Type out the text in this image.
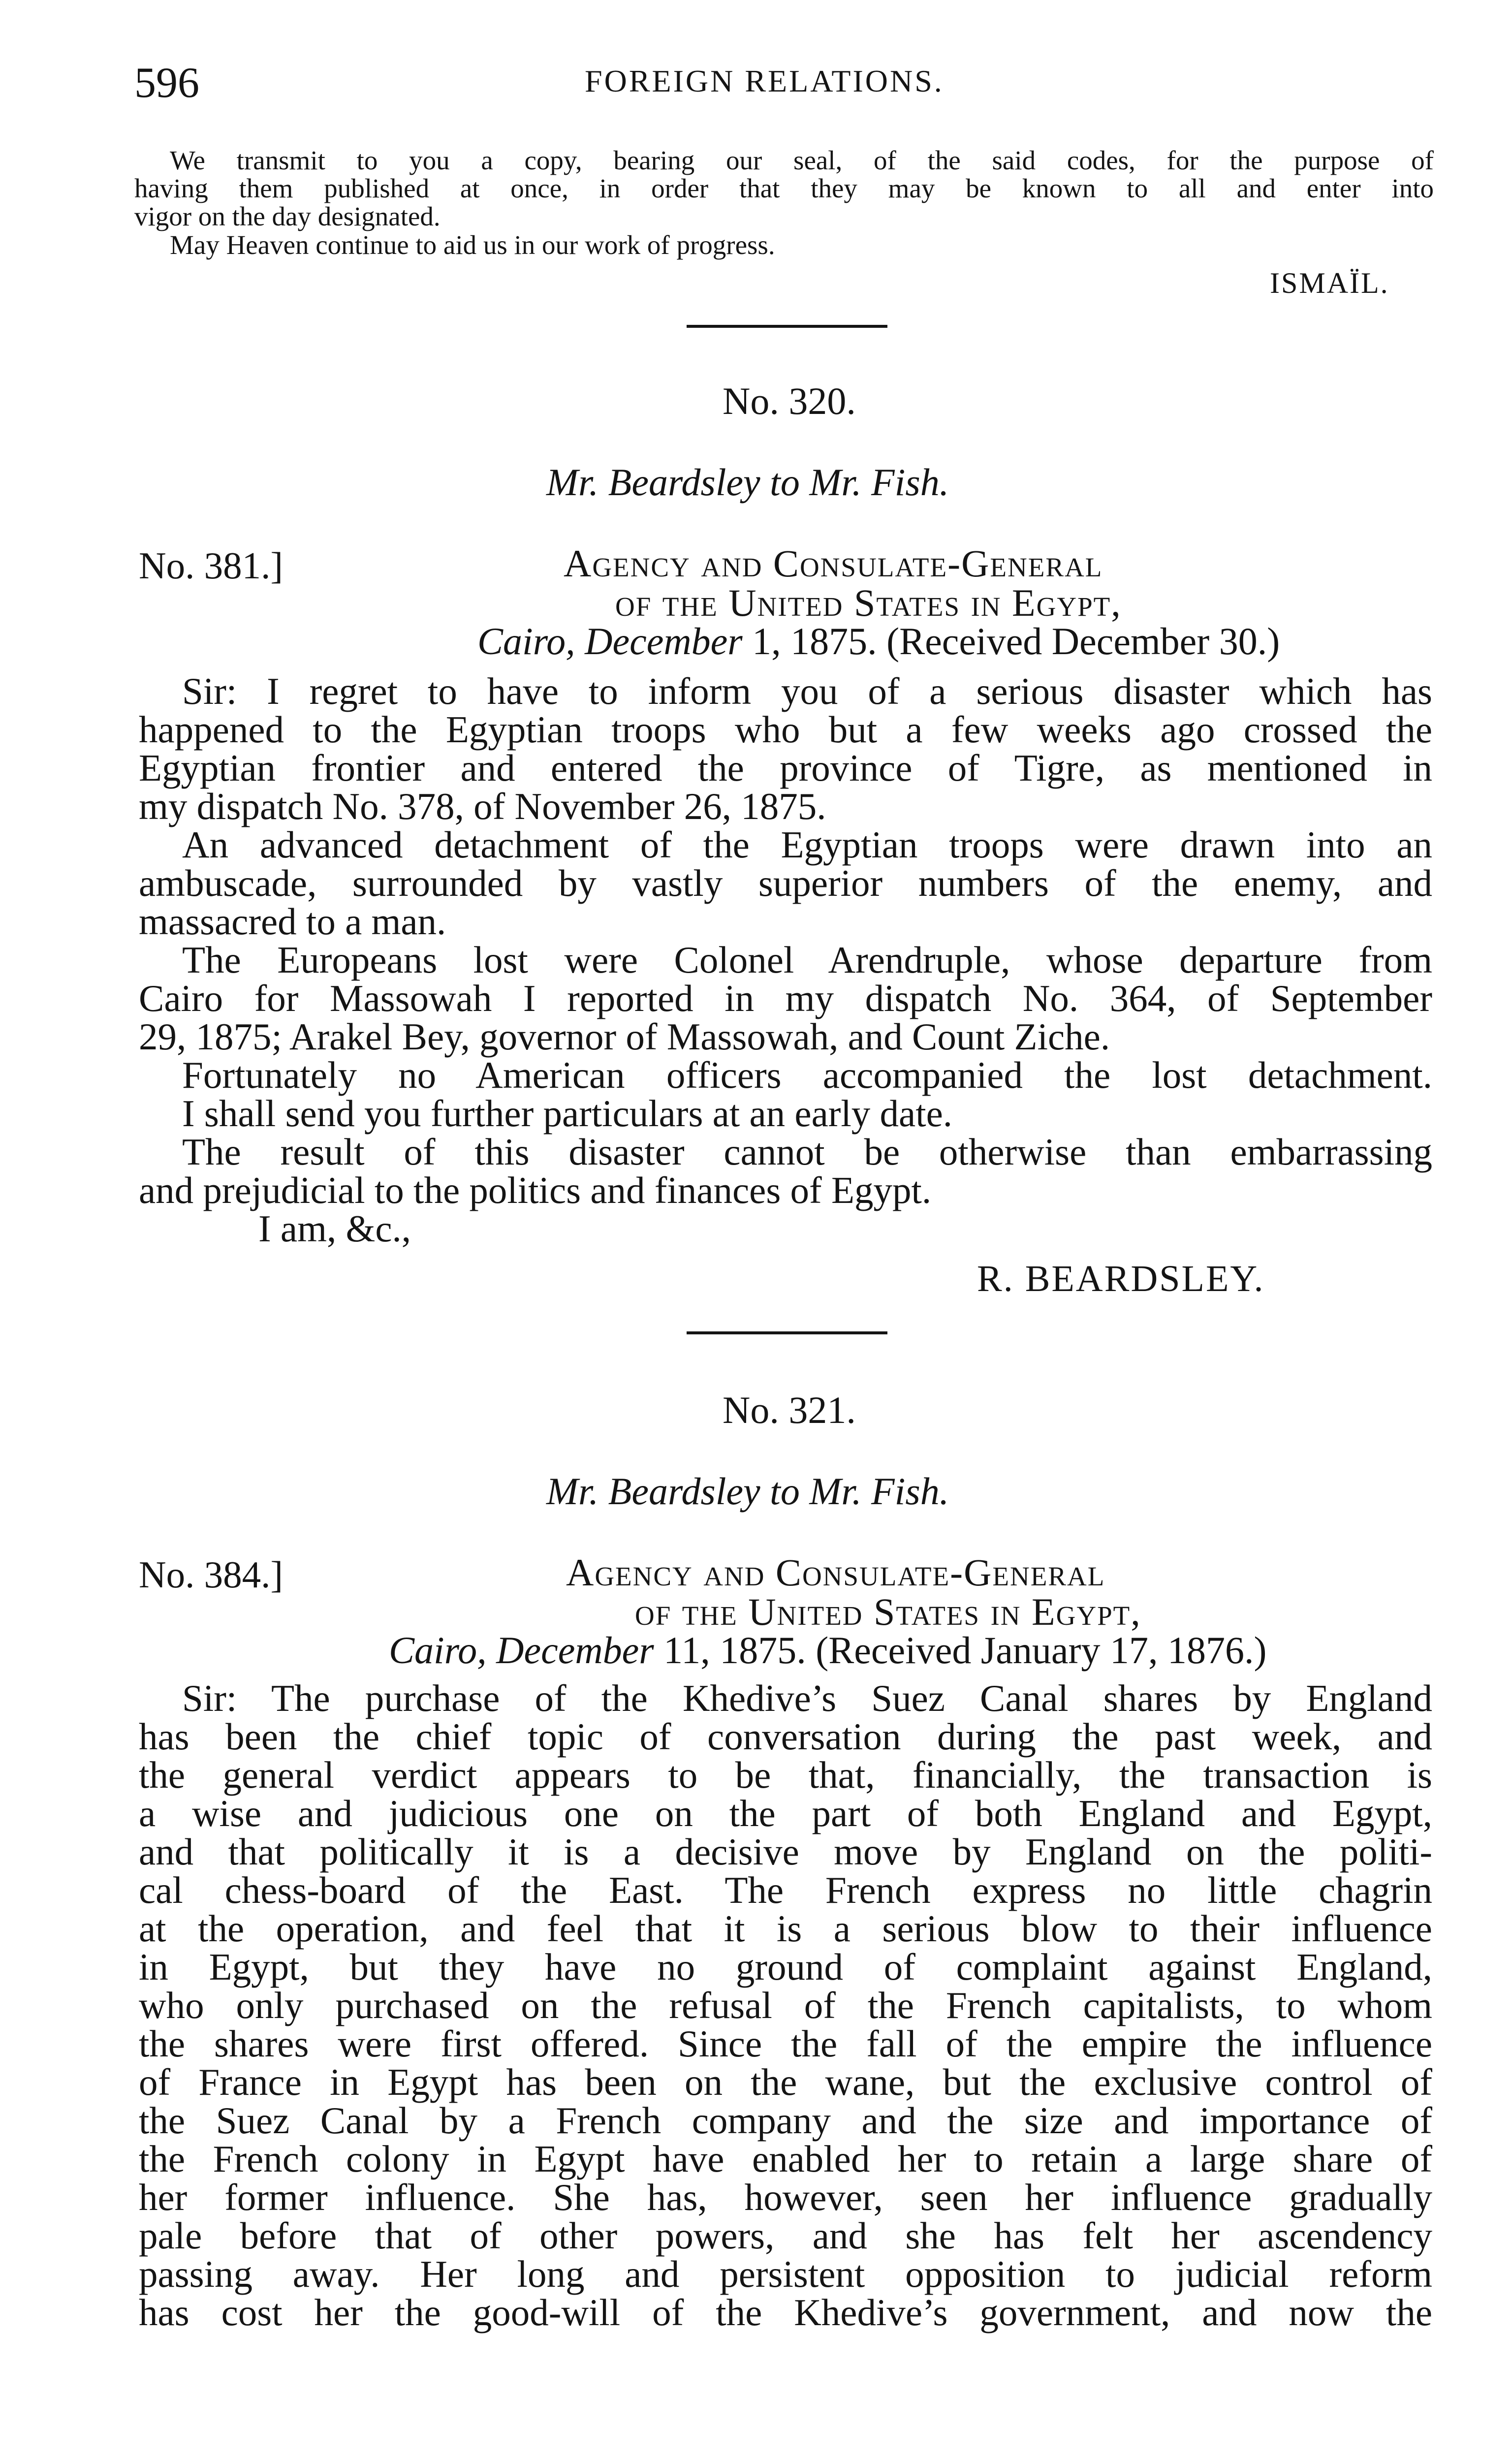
596	FOREIGN RELATIONS.
We transmit to you a copy, bearing our seal, of the said codes, for the purpose of
having them published at once, in order that they may be known to all and enter into
vigor on the day designated.
May Heaven continue to aid us in our work of progress.
ISMAÏL.
No. 320.
Mr. Beardsley to Mr. Fish.
No. 381.]	Agency and Consulate-General
of the United States in Egypt,
Cairo, December 1, 1875. (Received December 30.)
Sir: I regret to have to inform you of a serious disaster which has
happened to the Egyptian troops who but a few weeks ago crossed the
Egyptian frontier and entered the province of Tigre, as mentioned in
my dispatch No. 378, of November 26, 1875.
An advanced detachment of the Egyptian troops were drawn into an
ambuscade, surrounded by vastly superior numbers of the enemy, and
massacred to a man.
The Europeans lost were Colonel Arendruple, whose departure from
Cairo for Massowah I reported in my dispatch No. 364, of September
29, 1875; Arakel Bey, governor of Massowah, and Count Ziche.
Fortunately no American officers accompanied the lost detachment.
I shall send you further particulars at an early date.
The result of this disaster cannot be otherwise than embarrassing
and prejudicial to the politics and finances of Egypt.
I am, &c.,
R. BEARDSLEY.
No. 321.
Mr. Beardsley to Mr. Fish.
No. 384.]	Agency and Consulate-General
of the United States in Egypt,
Cairo, December 11, 1875. (Received January 17, 1876.)
Sir: The purchase of the Khedive’s Suez Canal shares by England
has been the chief topic of conversation during the past week, and
the general verdict appears to be that, financially, the transaction is
a wise and judicious one on the part of both England and Egypt,
and that politically it is a decisive move by England on the politi-
cal chess-board of the East. The French express no little chagrin
at the operation, and feel that it is a serious blow to their influence
in Egypt, but they have no ground of complaint against England,
who only purchased on the refusal of the French capitalists, to whom
the shares were first offered. Since the fall of the empire the influence
of France in Egypt has been on the wane, but the exclusive control of
the Suez Canal by a French company and the size and importance of
the French colony in Egypt have enabled her to retain a large share of
her former influence. She has, however, seen her influence gradually
pale before that of other powers, and she has felt her ascendency
passing away. Her long and persistent opposition to judicial reform
has cost her the good-will of the Khedive’s government, and now the
